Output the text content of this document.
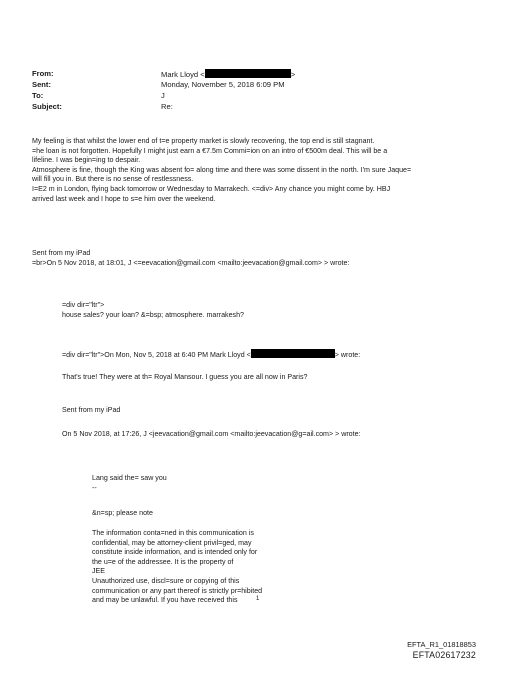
From:	Mark Lloyd <	>
Sent:	Monday, November 5, 2018 6:09 PM
To:	J
Subject:	Re:
My feeling is that whilst the lower end of t=e property market is slowly recovering, the top end is still stagnant.
=he loan is not forgotten. Hopefully I might just earn a €7.5m Commi=ion on an intro of €500m deal. This will be a
lifeline. I was begin=ing to despair.
Atmosphere is fine, though the King was absent fo= along time and there was some dissent in the north. I'm sure Jaque=
will fill you in. But there is no sense of restlessness.
I=E2 m in London, flying back tomorrow or Wednesday to Marrakech. <=div> Any chance you might come by. HBJ
arrived last week and I hope to s=e him over the weekend.
Sent from my iPad
=br>On 5 Nov 2018, at 18:01, J <=eevacation@gmail.com <mailto:jeevacation@gmail.com> > wrote:
=div dir="ltr">
house sales? your loan? &=bsp; atmosphere. marrakesh?
=div dir="ltr">On Mon, Nov 5, 2018 at 6:40 PM Mark Lloyd <	> wrote:
That's true! They were at th= Royal Mansour. I guess you are all now in Paris?
Sent from my iPad
On 5 Nov 2018, at 17:26, J <jeevacation@gmail.com <mailto:jeevacation@g=ail.com> > wrote:
Lang said the= saw you
--
&n=sp; please note
The information conta=ned in this communication is
confidential, may be attorney-client privil=ged, may
constitute inside information, and is intended only for
the u=e of the addressee. It is the property of
JEE
Unauthorized use, discl=sure or copying of this
communication or any part thereof is strictly pr=hibited
and may be unlawful. If you have received this	1
EFTA_R1_01818853
EFTA02617232
